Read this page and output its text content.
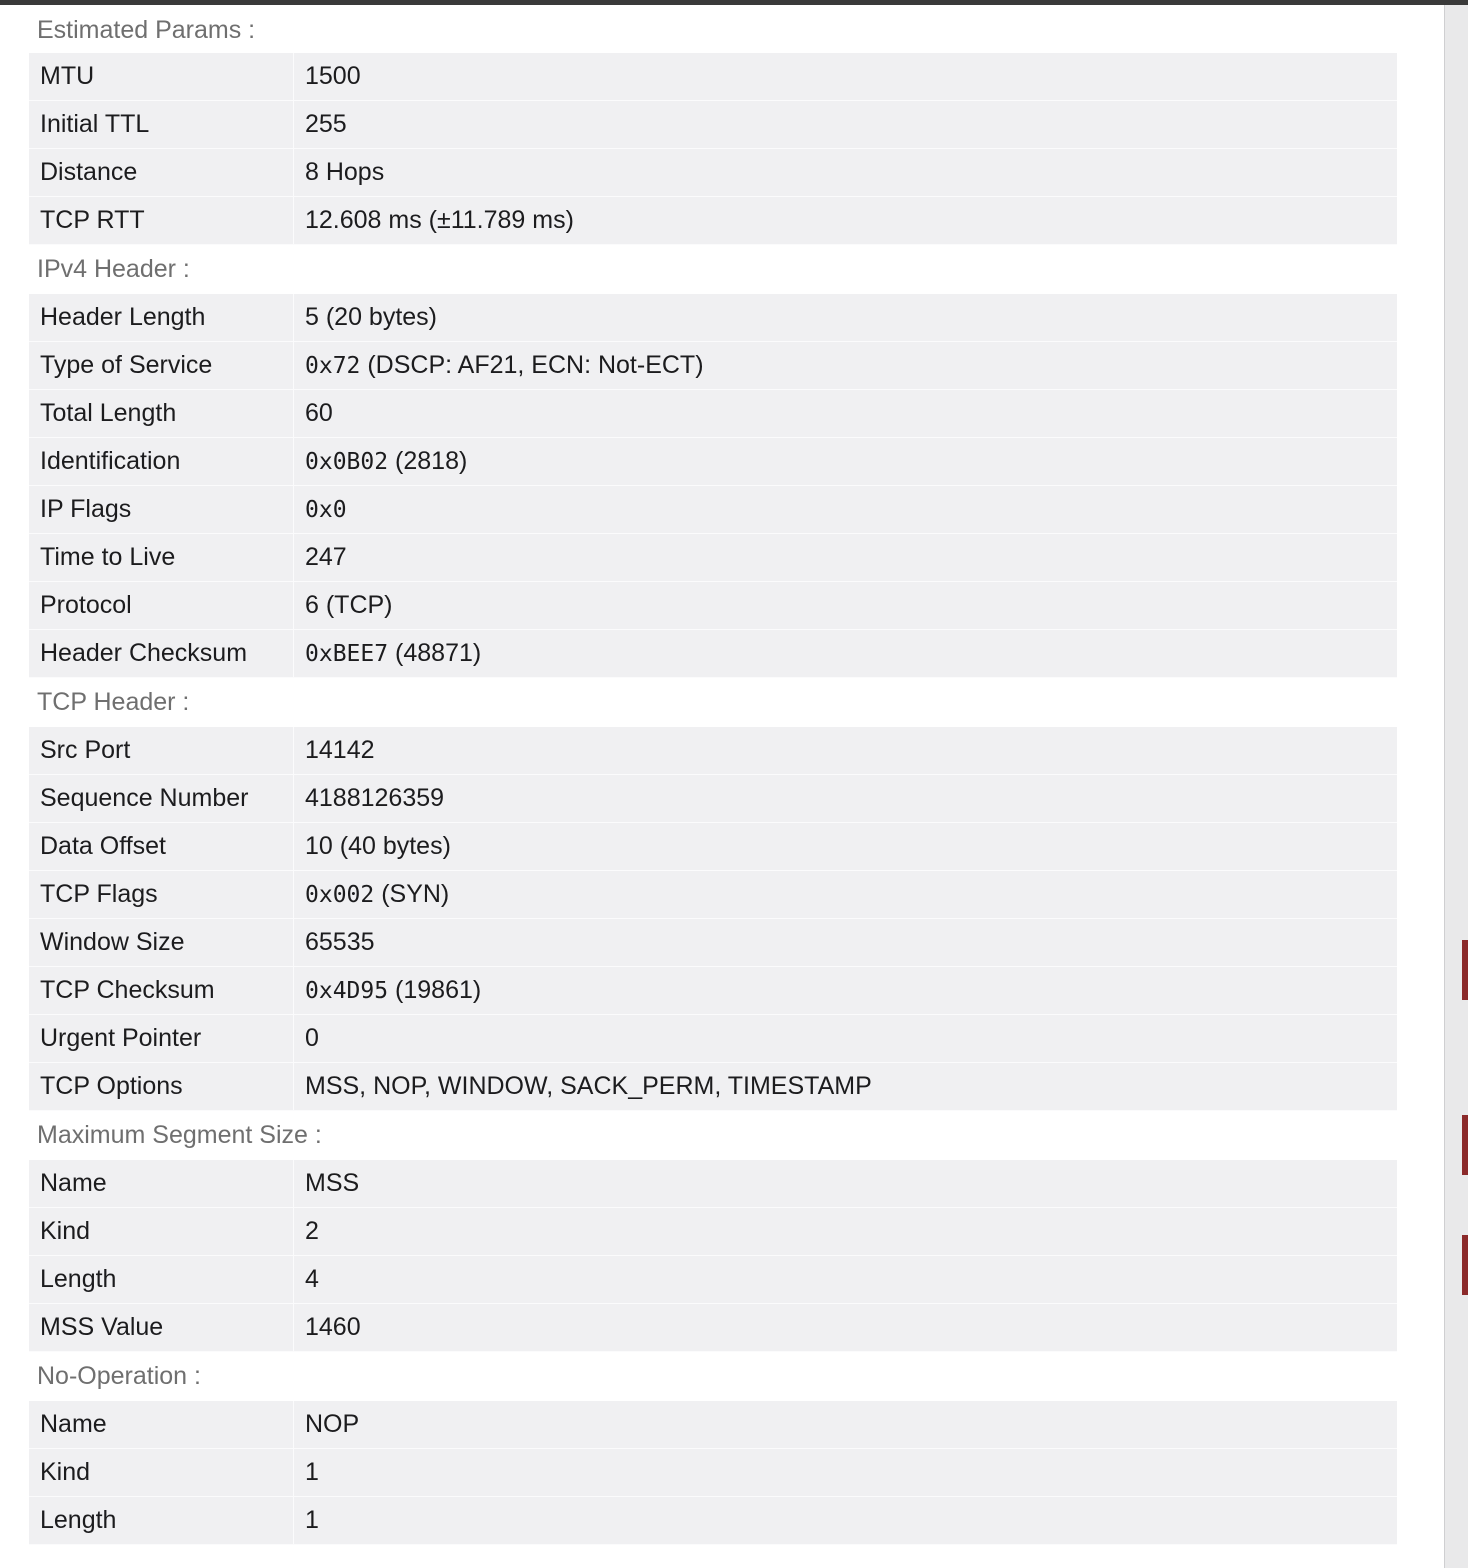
Estimated Params :
MTU	1500
Initial TTL	255
Distance	8 Hops
TCP RTT	12.608 ms (±11.789 ms)
IPv4 Header :
Header Length	5 (20 bytes)
Type of Service	0x72 (DSCP: AF21, ECN: Not-ECT)
Total Length	60
Identification	0x0B02 (2818)
IP Flags	0x0
Time to Live	247
Protocol	6 (TCP)
Header Checksum	0xBEE7 (48871)
TCP Header :
Src Port	14142
Sequence Number	4188126359
Data Offset	10 (40 bytes)
TCP Flags	0x002 (SYN)
Window Size	65535
TCP Checksum	0x4D95 (19861)
Urgent Pointer	0
TCP Options	MSS, NOP, WINDOW, SACK_PERM, TIMESTAMP
Maximum Segment Size :
Name	MSS
Kind	2
Length	4
MSS Value	1460
No-Operation :
Name	NOP
Kind	1
Length	1
